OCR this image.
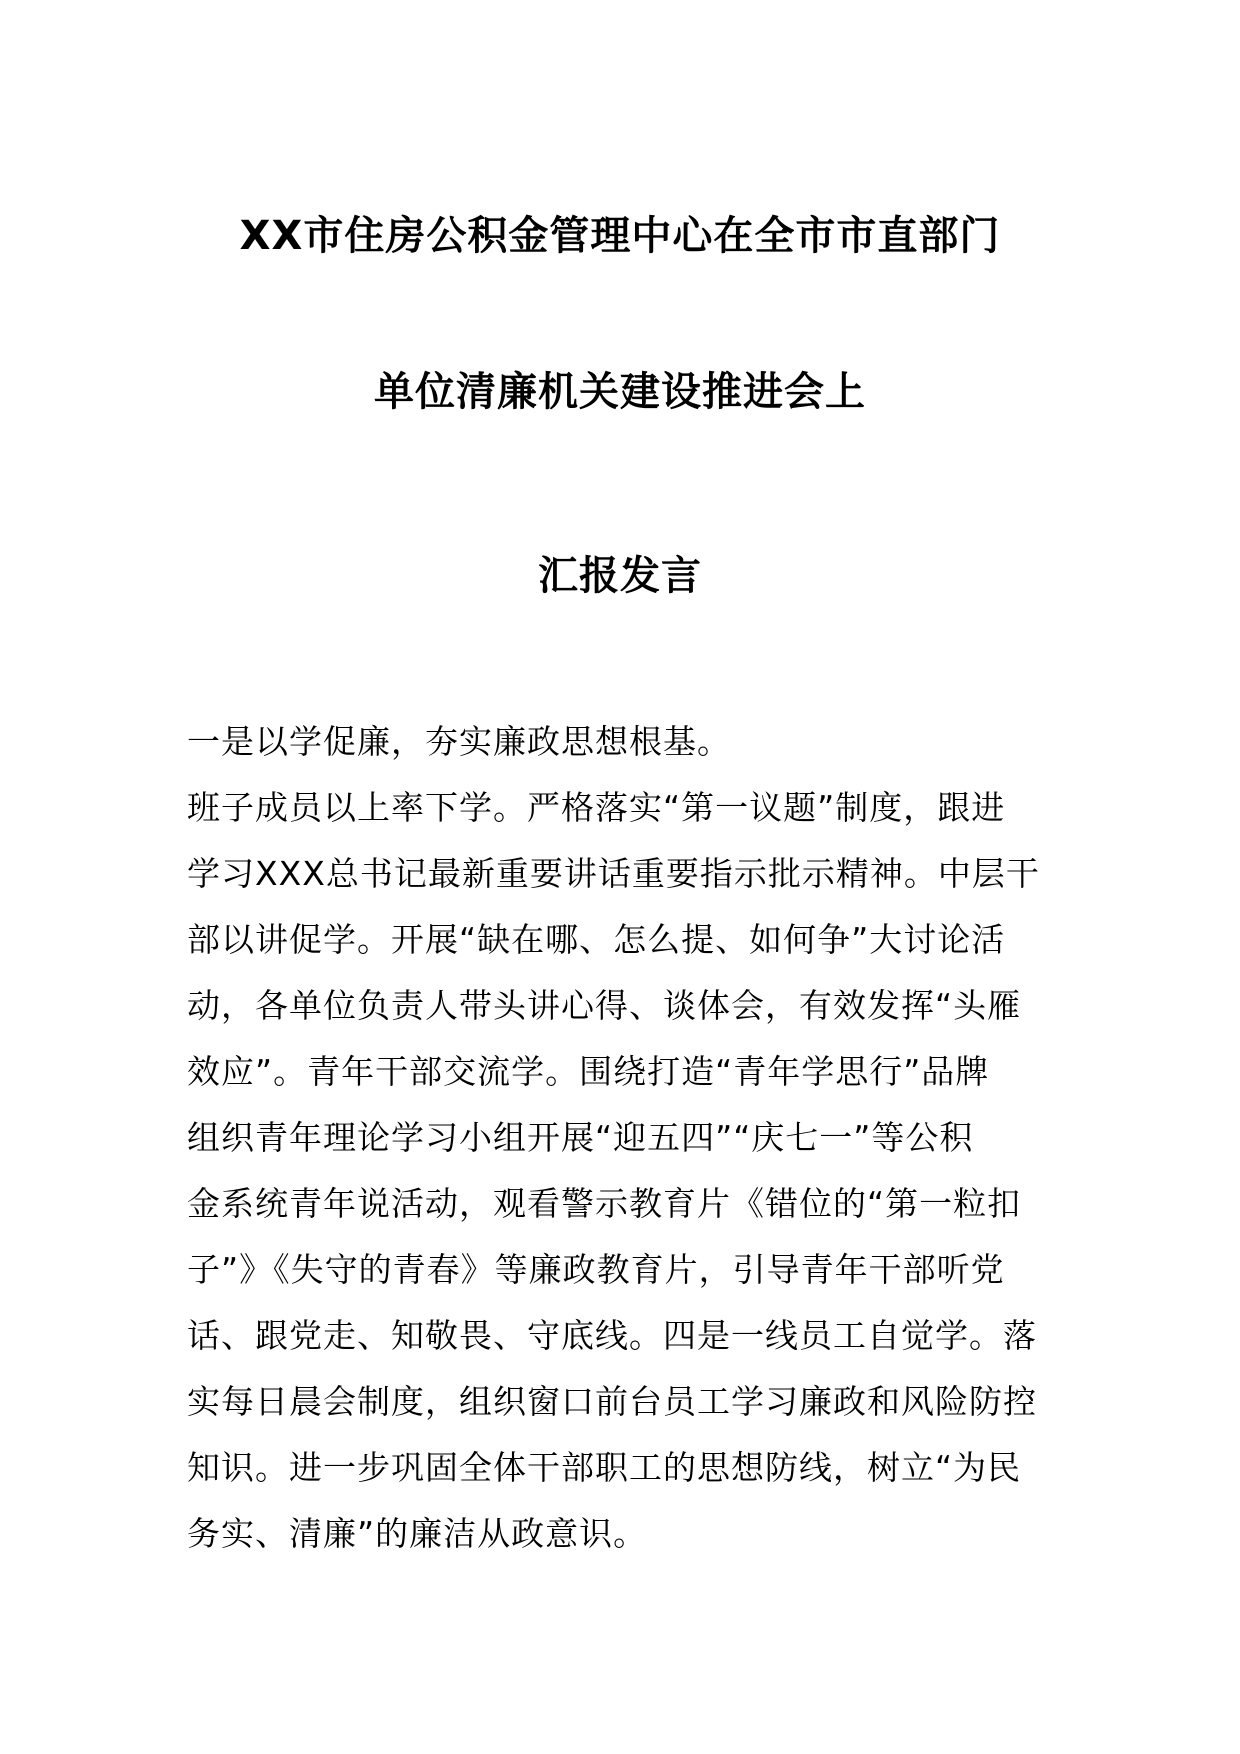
XX市住房公积金管理中心在全市市直部门
单位清廉机关建设推进会上
汇报发言
一是以学促廉，夯实廉政思想根基。
班子成员以上率下学。严格落实“第一议题”制度，跟进
学习XXX总书记最新重要讲话重要指示批示精神。中层干
部以讲促学。开展“缺在哪、怎么提、如何争”大讨论活
动，各单位负责人带头讲心得、谈体会，有效发挥“头雁
效应”。青年干部交流学。围绕打造“青年学思行”品牌
组织青年理论学习小组开展“迎五四”“庆七一”等公积
金系统青年说活动，观看警示教育片《错位的“第一粒扣
子”》《失守的青春》等廉政教育片，引导青年干部听党
话、跟党走、知敬畏、守底线。四是一线员工自觉学。落
实每日晨会制度，组织窗口前台员工学习廉政和风险防控
知识。进一步巩固全体干部职工的思想防线，树立“为民
务实、清廉”的廉洁从政意识。
